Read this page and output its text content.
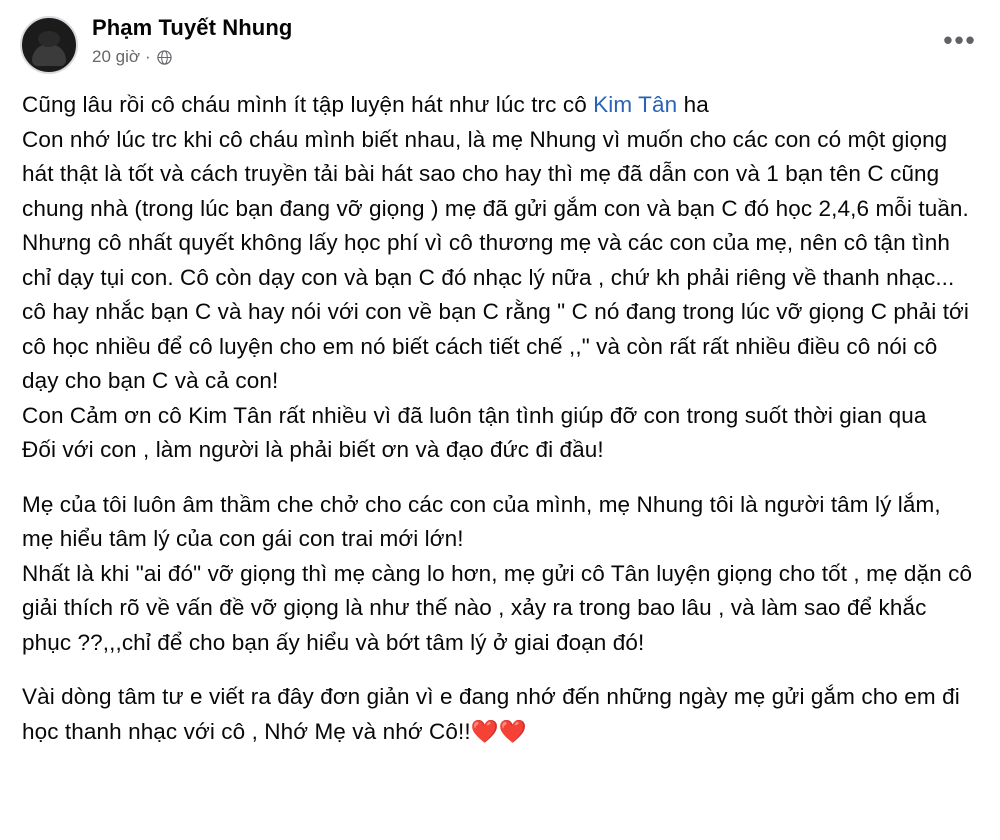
Phạm Tuyết Nhung
20 giờ ·
•••

Cũng lâu rồi cô cháu mình ít tập luyện hát như lúc trc cô Kim Tân ha

Con nhớ lúc trc khi cô cháu mình biết nhau, là mẹ Nhung vì muốn cho các con có một giọng hát thật là tốt và cách truyền tải bài hát sao cho hay thì mẹ đã dẫn con và 1 bạn tên C cũng chung nhà (trong lúc bạn đang vỡ giọng ) mẹ đã gửi gắm con và bạn C đó học 2,4,6 mỗi tuần.

Nhưng cô nhất quyết không lấy học phí vì cô thương mẹ và các con của mẹ, nên cô tận tình chỉ dạy tụi con. Cô còn dạy con và bạn C đó nhạc lý nữa , chứ kh phải riêng về thanh nhạc...

cô hay nhắc bạn C và hay nói với con về bạn C rằng " C nó đang trong lúc vỡ giọng C phải tới cô học nhiều để cô luyện cho em nó biết cách tiết chế ,," và còn rất rất nhiều điều cô nói cô dạy cho bạn C và cả con!

Con Cảm ơn cô Kim Tân rất nhiều vì đã luôn tận tình giúp đỡ con trong suốt thời gian qua

Đối với con , làm người là phải biết ơn và đạo đức đi đầu!

Mẹ của tôi luôn âm thầm che chở cho các con của mình, mẹ Nhung tôi là người tâm lý lắm, mẹ hiểu tâm lý của con gái con trai mới lớn!

Nhất là khi "ai đó" vỡ giọng thì mẹ càng lo hơn, mẹ gửi cô Tân luyện giọng cho tốt , mẹ dặn cô giải thích rõ về vấn đề vỡ giọng là như thế nào , xảy ra trong bao lâu , và làm sao để khắc phục ??,,,chỉ để cho bạn ấy hiểu và bớt tâm lý ở giai đoạn đó!

Vài dòng tâm tư e viết ra đây đơn giản vì e đang nhớ đến những ngày mẹ gửi gắm cho em đi học thanh nhạc với cô , Nhớ Mẹ và nhớ Cô!!❤️❤️
